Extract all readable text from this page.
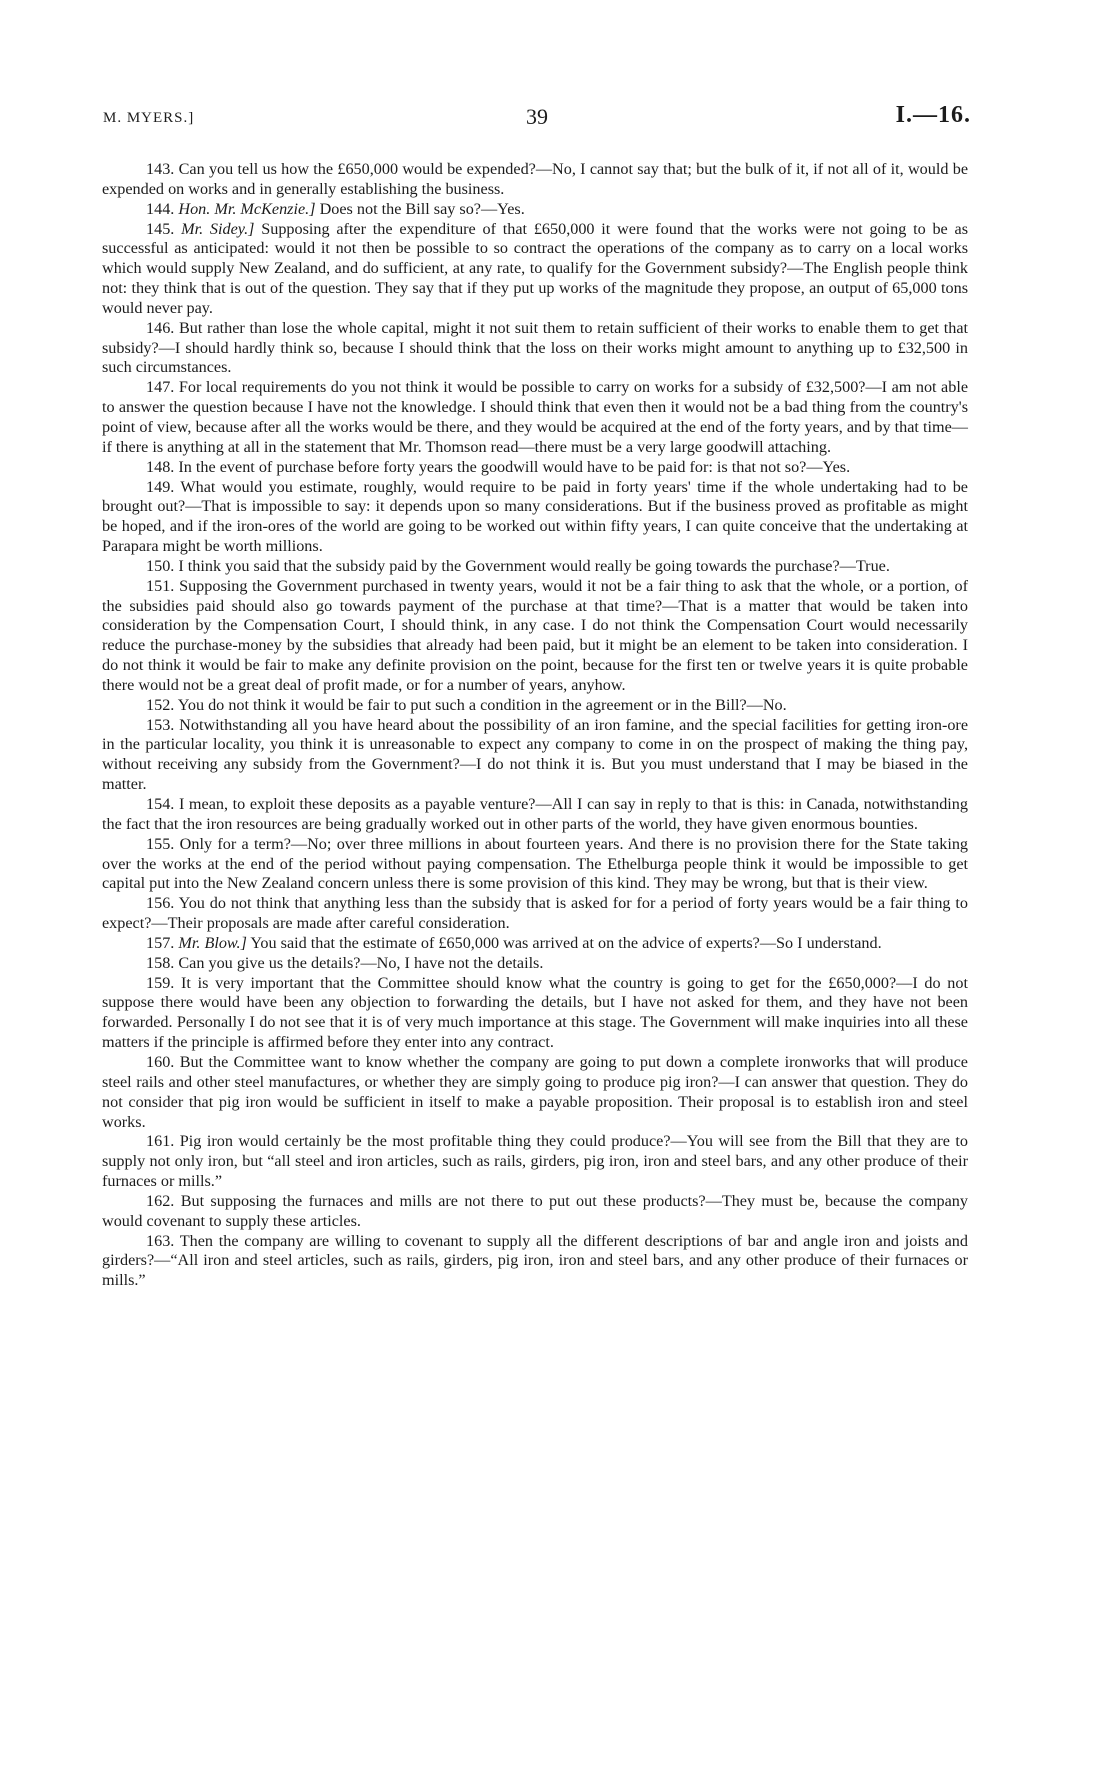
M. MYERS.]	39	I.—16.

143. Can you tell us how the £650,000 would be expended?—No, I cannot say that; but the bulk of it, if not all of it, would be expended on works and in generally establishing the business.

144. Hon. Mr. McKenzie.] Does not the Bill say so?—Yes.

145. Mr. Sidey.] Supposing after the expenditure of that £650,000 it were found that the works were not going to be as successful as anticipated: would it not then be possible to so contract the operations of the company as to carry on a local works which would supply New Zealand, and do sufficient, at any rate, to qualify for the Government subsidy?—The English people think not: they think that is out of the question. They say that if they put up works of the magnitude they propose, an output of 65,000 tons would never pay.

146. But rather than lose the whole capital, might it not suit them to retain sufficient of their works to enable them to get that subsidy?—I should hardly think so, because I should think that the loss on their works might amount to anything up to £32,500 in such circumstances.

147. For local requirements do you not think it would be possible to carry on works for a subsidy of £32,500?—I am not able to answer the question because I have not the knowledge. I should think that even then it would not be a bad thing from the country's point of view, because after all the works would be there, and they would be acquired at the end of the forty years, and by that time—if there is anything at all in the statement that Mr. Thomson read—there must be a very large goodwill attaching.

148. In the event of purchase before forty years the goodwill would have to be paid for: is that not so?—Yes.

149. What would you estimate, roughly, would require to be paid in forty years' time if the whole undertaking had to be brought out?—That is impossible to say: it depends upon so many considerations. But if the business proved as profitable as might be hoped, and if the iron-ores of the world are going to be worked out within fifty years, I can quite conceive that the undertaking at Parapara might be worth millions.

150. I think you said that the subsidy paid by the Government would really be going towards the purchase?—True.

151. Supposing the Government purchased in twenty years, would it not be a fair thing to ask that the whole, or a portion, of the subsidies paid should also go towards payment of the purchase at that time?—That is a matter that would be taken into consideration by the Compensation Court, I should think, in any case. I do not think the Compensation Court would necessarily reduce the purchase-money by the subsidies that already had been paid, but it might be an element to be taken into consideration. I do not think it would be fair to make any definite provision on the point, because for the first ten or twelve years it is quite probable there would not be a great deal of profit made, or for a number of years, anyhow.

152. You do not think it would be fair to put such a condition in the agreement or in the Bill?—No.

153. Notwithstanding all you have heard about the possibility of an iron famine, and the special facilities for getting iron-ore in the particular locality, you think it is unreasonable to expect any company to come in on the prospect of making the thing pay, without receiving any subsidy from the Government?—I do not think it is. But you must understand that I may be biased in the matter.

154. I mean, to exploit these deposits as a payable venture?—All I can say in reply to that is this: in Canada, notwithstanding the fact that the iron resources are being gradually worked out in other parts of the world, they have given enormous bounties.

155. Only for a term?—No; over three millions in about fourteen years. And there is no provision there for the State taking over the works at the end of the period without paying compensation. The Ethelburga people think it would be impossible to get capital put into the New Zealand concern unless there is some provision of this kind. They may be wrong, but that is their view.

156. You do not think that anything less than the subsidy that is asked for for a period of forty years would be a fair thing to expect?—Their proposals are made after careful consideration.

157. Mr. Blow.] You said that the estimate of £650,000 was arrived at on the advice of experts?—So I understand.

158. Can you give us the details?—No, I have not the details.

159. It is very important that the Committee should know what the country is going to get for the £650,000?—I do not suppose there would have been any objection to forwarding the details, but I have not asked for them, and they have not been forwarded. Personally I do not see that it is of very much importance at this stage. The Government will make inquiries into all these matters if the principle is affirmed before they enter into any contract.

160. But the Committee want to know whether the company are going to put down a complete ironworks that will produce steel rails and other steel manufactures, or whether they are simply going to produce pig iron?—I can answer that question. They do not consider that pig iron would be sufficient in itself to make a payable proposition. Their proposal is to establish iron and steel works.

161. Pig iron would certainly be the most profitable thing they could produce?—You will see from the Bill that they are to supply not only iron, but “all steel and iron articles, such as rails, girders, pig iron, iron and steel bars, and any other produce of their furnaces or mills.”

162. But supposing the furnaces and mills are not there to put out these products?—They must be, because the company would covenant to supply these articles.

163. Then the company are willing to covenant to supply all the different descriptions of bar and angle iron and joists and girders?—“All iron and steel articles, such as rails, girders, pig iron, iron and steel bars, and any other produce of their furnaces or mills.”
